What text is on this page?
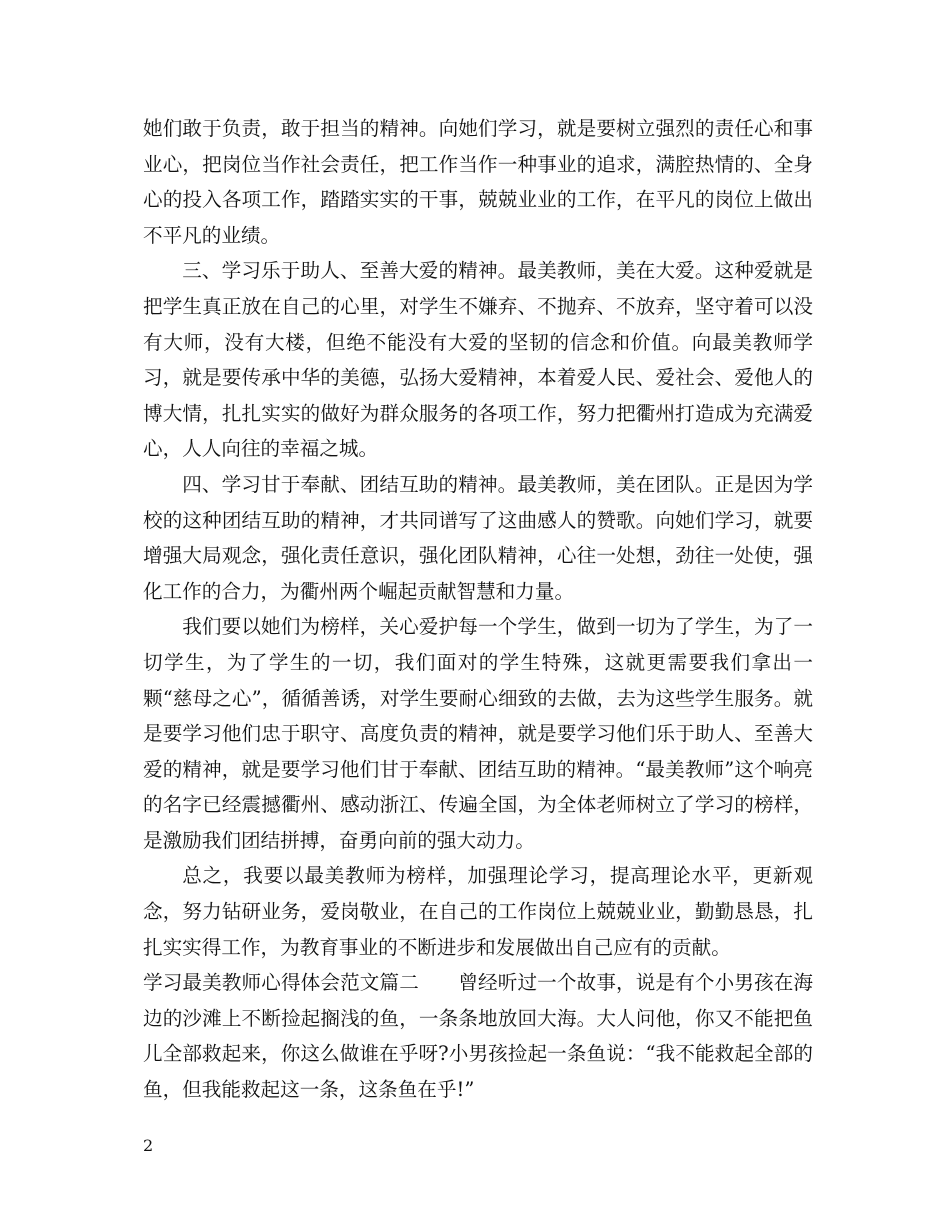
她们敢于负责，敢于担当的精神。向她们学习，就是要树立强烈的责任心和事业心，把岗位当作社会责任，把工作当作一种事业的追求，满腔热情的、全身心的投入各项工作，踏踏实实的干事，兢兢业业的工作，在平凡的岗位上做出不平凡的业绩。

三、学习乐于助人、至善大爱的精神。最美教师，美在大爱。这种爱就是把学生真正放在自己的心里，对学生不嫌弃、不抛弃、不放弃，坚守着可以没有大师，没有大楼，但绝不能没有大爱的坚韧的信念和价值。向最美教师学习，就是要传承中华的美德，弘扬大爱精神，本着爱人民、爱社会、爱他人的博大情，扎扎实实的做好为群众服务的各项工作，努力把衢州打造成为充满爱心，人人向往的幸福之城。

四、学习甘于奉献、团结互助的精神。最美教师，美在团队。正是因为学校的这种团结互助的精神，才共同谱写了这曲感人的赞歌。向她们学习，就要增强大局观念，强化责任意识，强化团队精神，心往一处想，劲往一处使，强化工作的合力，为衢州两个崛起贡献智慧和力量。

我们要以她们为榜样，关心爱护每一个学生，做到一切为了学生，为了一切学生，为了学生的一切，我们面对的学生特殊，这就更需要我们拿出一颗“慈母之心”，循循善诱，对学生要耐心细致的去做，去为这些学生服务。就是要学习他们忠于职守、高度负责的精神，就是要学习他们乐于助人、至善大爱的精神，就是要学习他们甘于奉献、团结互助的精神。“最美教师”这个响亮的名字已经震撼衢州、感动浙江、传遍全国，为全体老师树立了学习的榜样，是激励我们团结拼搏，奋勇向前的强大动力。

总之，我要以最美教师为榜样，加强理论学习，提高理论水平，更新观念，努力钻研业务，爱岗敬业，在自己的工作岗位上兢兢业业，勤勤恳恳，扎扎实实得工作，为教育事业的不断进步和发展做出自己应有的贡献。

学习最美教师心得体会范文篇二　　曾经听过一个故事，说是有个小男孩在海边的沙滩上不断捡起搁浅的鱼，一条条地放回大海。大人问他，你又不能把鱼儿全部救起来，你这么做谁在乎呀?小男孩捡起一条鱼说：“我不能救起全部的鱼，但我能救起这一条，这条鱼在乎!”

2
